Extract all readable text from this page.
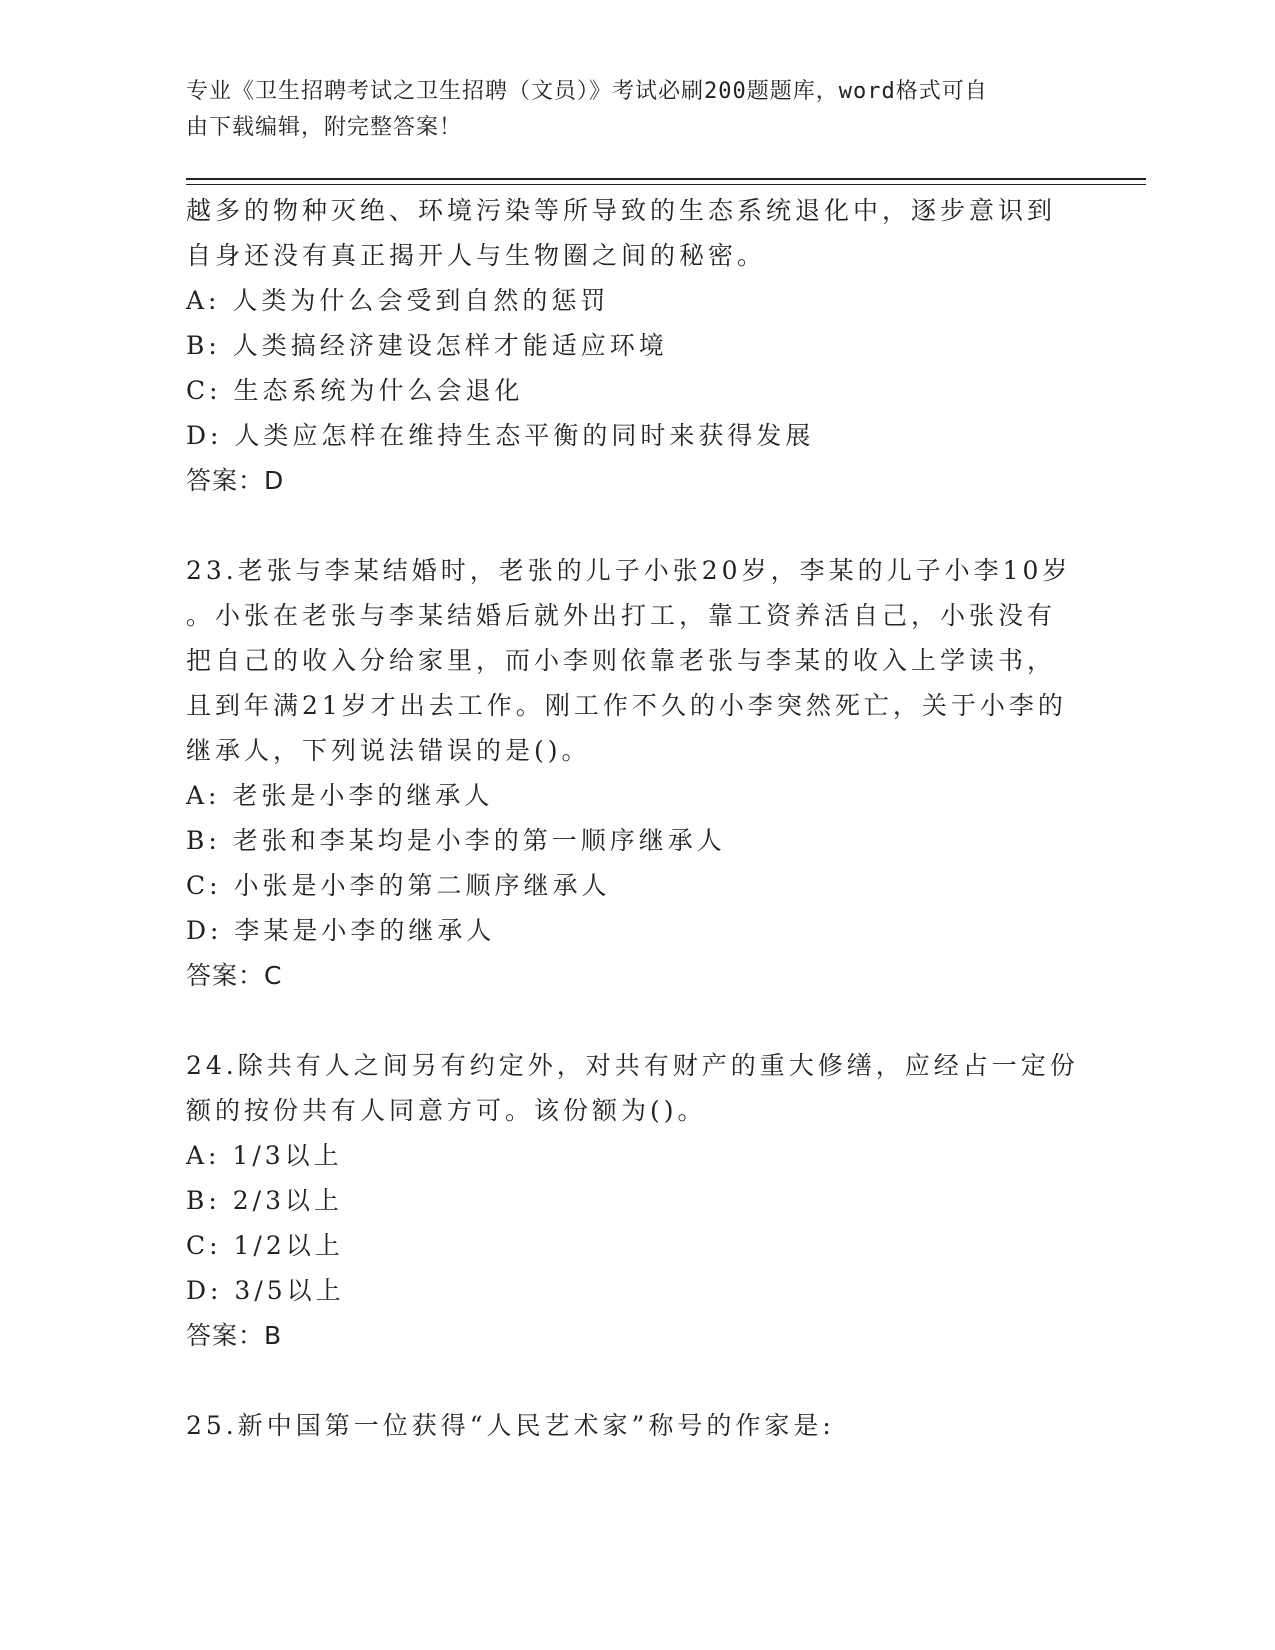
专业《卫生招聘考试之卫生招聘（文员）》考试必刷200题题库，word格式可自
由下载编辑，附完整答案！
越多的物种灭绝、环境污染等所导致的生态系统退化中，逐步意识到
自身还没有真正揭开人与生物圈之间的秘密。
A: 人类为什么会受到自然的惩罚
B: 人类搞经济建设怎样才能适应环境
C: 生态系统为什么会退化
D: 人类应怎样在维持生态平衡的同时来获得发展
答案：D
23.老张与李某结婚时，老张的儿子小张20岁，李某的儿子小李10岁
。小张在老张与李某结婚后就外出打工，靠工资养活自己，小张没有
把自己的收入分给家里，而小李则依靠老张与李某的收入上学读书，
且到年满21岁才出去工作。刚工作不久的小李突然死亡，关于小李的
继承人，下列说法错误的是()。
A: 老张是小李的继承人
B: 老张和李某均是小李的第一顺序继承人
C: 小张是小李的第二顺序继承人
D: 李某是小李的继承人
答案：C
24.除共有人之间另有约定外，对共有财产的重大修缮，应经占一定份
额的按份共有人同意方可。该份额为()。
A: 1/3以上
B: 2/3以上
C: 1/2以上
D: 3/5以上
答案：B
25.新中国第一位获得“人民艺术家”称号的作家是:
